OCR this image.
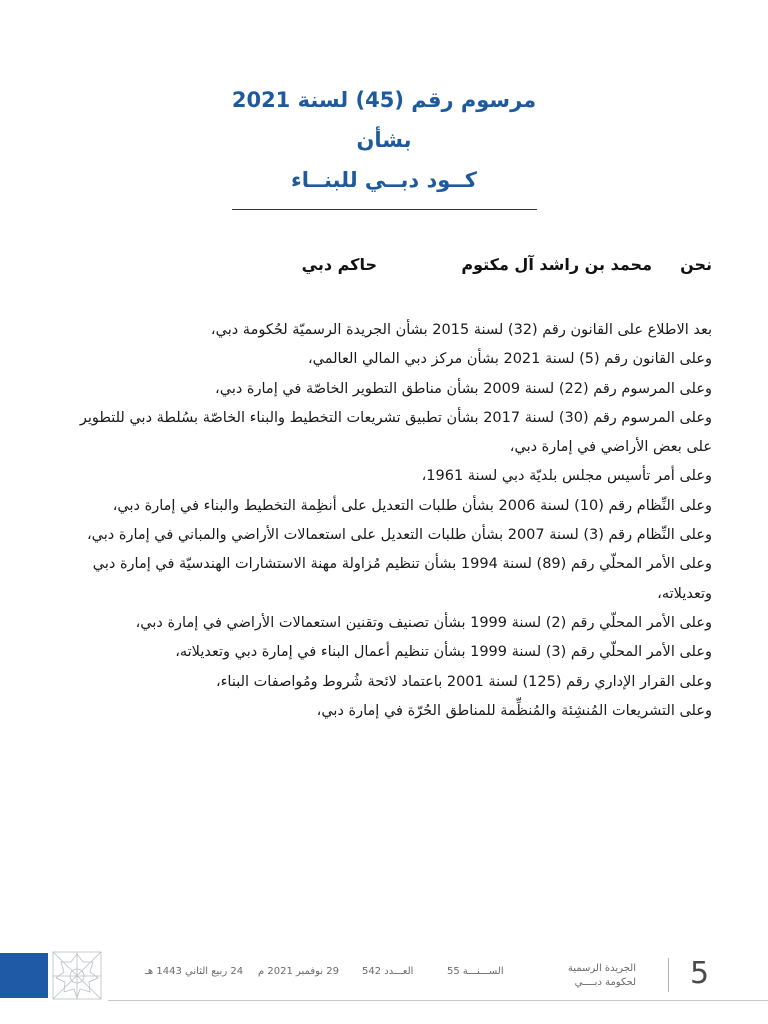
مرسوم رقم (45) لسنة 2021
بشأن
كــود دبــي للبنــاء
نحن
محمد بن راشد آل مكتوم
حاكم دبي

بعد الاطلاع على القانون رقم (32) لسنة 2015 بشأن الجريدة الرسميّة لحُكومة دبي،

وعلى القانون رقم (5) لسنة 2021 بشأن مركز دبي المالي العالمي،

وعلى المرسوم رقم (22) لسنة 2009 بشأن مناطق التطوير الخاصّة في إمارة دبي،

وعلى المرسوم رقم (30) لسنة 2017 بشأن تطبيق تشريعات التخطيط والبناء الخاصّة بسُلطة دبي للتطوير على بعض الأراضي في إمارة دبي،

وعلى أمر تأسيس مجلس بلديّة دبي لسنة 1961،

وعلى النِّظام رقم (10) لسنة 2006 بشأن طلبات التعديل على أنظِمة التخطيط والبناء في إمارة دبي،

وعلى النِّظام رقم (3) لسنة 2007 بشأن طلبات التعديل على استعمالات الأراضي والمباني في إمارة دبي،

وعلى الأمر المحلّي رقم (89) لسنة 1994 بشأن تنظيم مُزاولة مهنة الاستشارات الهندسيّة في إمارة دبي وتعديلاته،

وعلى الأمر المحلّي رقم (2) لسنة 1999 بشأن تصنيف وتقنين استعمالات الأراضي في إمارة دبي،

وعلى الأمر المحلّي رقم (3) لسنة 1999 بشأن تنظيم أعمال البناء في إمارة دبي وتعديلاته،

وعلى القرار الإداري رقم (125) لسنة 2001 باعتماد لائحة شُروط ومُواصفات البناء،

وعلى التشريعات المُنشِئة والمُنظِّمة للمناطق الحُرّة في إمارة دبي،

24 ربيع الثاني 1443 هـ 29 نوفمبر 2021 م العـــدد 542	الســـنـــة 55	الجريدة الرسمية
لحكومة دبــــي 5
